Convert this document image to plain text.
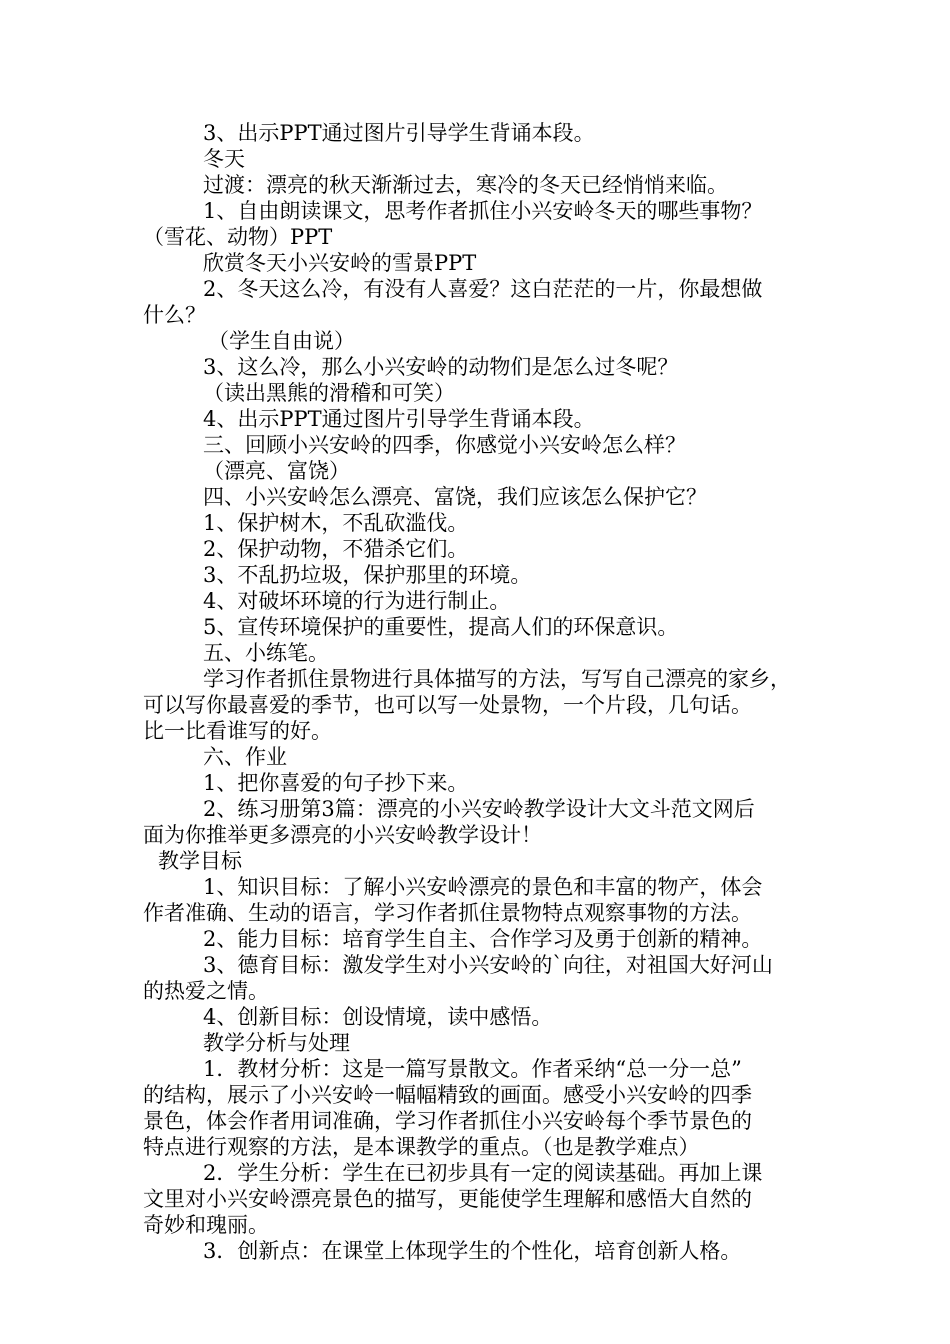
3、出示PPT通过图片引导学生背诵本段。
冬天
过渡：漂亮的秋天渐渐过去，寒冷的冬天已经悄悄来临。
1、自由朗读课文，思考作者抓住小兴安岭冬天的哪些事物？
（雪花、动物）PPT
欣赏冬天小兴安岭的雪景PPT
2、冬天这么冷，有没有人喜爱？这白茫茫的一片，你最想做
什么？
（学生自由说）
3、这么冷，那么小兴安岭的动物们是怎么过冬呢？
（读出黑熊的滑稽和可笑）
4、出示PPT通过图片引导学生背诵本段。
三、回顾小兴安岭的四季，你感觉小兴安岭怎么样？
（漂亮、富饶）
四、小兴安岭怎么漂亮、富饶，我们应该怎么保护它？
1、保护树木，不乱砍滥伐。
2、保护动物，不猎杀它们。
3、不乱扔垃圾，保护那里的环境。
4、对破坏环境的行为进行制止。
5、宣传环境保护的重要性，提高人们的环保意识。
五、小练笔。
学习作者抓住景物进行具体描写的方法，写写自己漂亮的家乡，
可以写你最喜爱的季节，也可以写一处景物，一个片段，几句话。
比一比看谁写的好。
六、作业
1、把你喜爱的句子抄下来。
2、练习册第3篇：漂亮的小兴安岭教学设计大文斗范文网后
面为你推举更多漂亮的小兴安岭教学设计！
教学目标
1、知识目标：了解小兴安岭漂亮的景色和丰富的物产，体会
作者准确、生动的语言，学习作者抓住景物特点观察事物的方法。
2、能力目标：培育学生自主、合作学习及勇于创新的精神。
3、德育目标：激发学生对小兴安岭的`向往，对祖国大好河山
的热爱之情。
4、创新目标：创设情境，读中感悟。
教学分析与处理
1．教材分析：这是一篇写景散文。作者采纳“总一分一总”
的结构，展示了小兴安岭一幅幅精致的画面。感受小兴安岭的四季
景色，体会作者用词准确，学习作者抓住小兴安岭每个季节景色的
特点进行观察的方法，是本课教学的重点。（也是教学难点）
2．学生分析：学生在已初步具有一定的阅读基础。再加上课
文里对小兴安岭漂亮景色的描写，更能使学生理解和感悟大自然的
奇妙和瑰丽。
3．创新点：在课堂上体现学生的个性化，培育创新人格。
